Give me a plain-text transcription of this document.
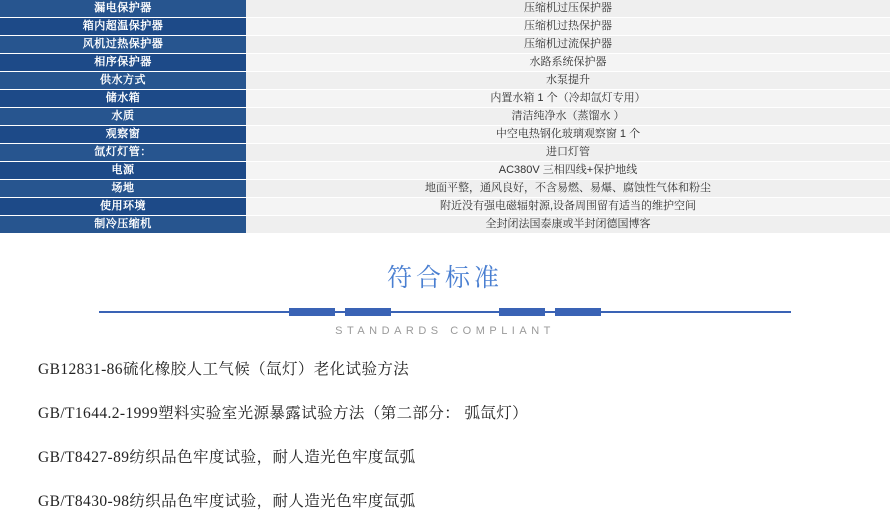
漏电保护器	压缩机过压保护器
箱内超温保护器	压缩机过热保护器
风机过热保护器	压缩机过流保护器
相序保护器	水路系统保护器
供水方式	水泵提升
储水箱	内置水箱 1 个（冷却氙灯专用）
水质	清洁纯净水（蒸馏水 ）
观察窗	中空电热钢化玻璃观察窗 1 个
氙灯灯管：	进口灯管
电源	AC380V 三相四线+保护地线
场地	地面平整，通风良好，不含易燃、易爆、腐蚀性气体和粉尘
使用环境	附近没有强电磁辐射源,设备周围留有适当的维护空间
制冷压缩机	全封闭法国泰康或半封闭德国博客
符合标准
STANDARDS COMPLIANT
GB12831-86硫化橡胶人工气候（氙灯）老化试验方法
GB/T1644.2-1999塑料实验室光源暴露试验方法（第二部分： 弧氙灯）
GB/T8427-89纺织品色牢度试验，耐人造光色牢度氙弧
GB/T8430-98纺织品色牢度试验，耐人造光色牢度氙弧
